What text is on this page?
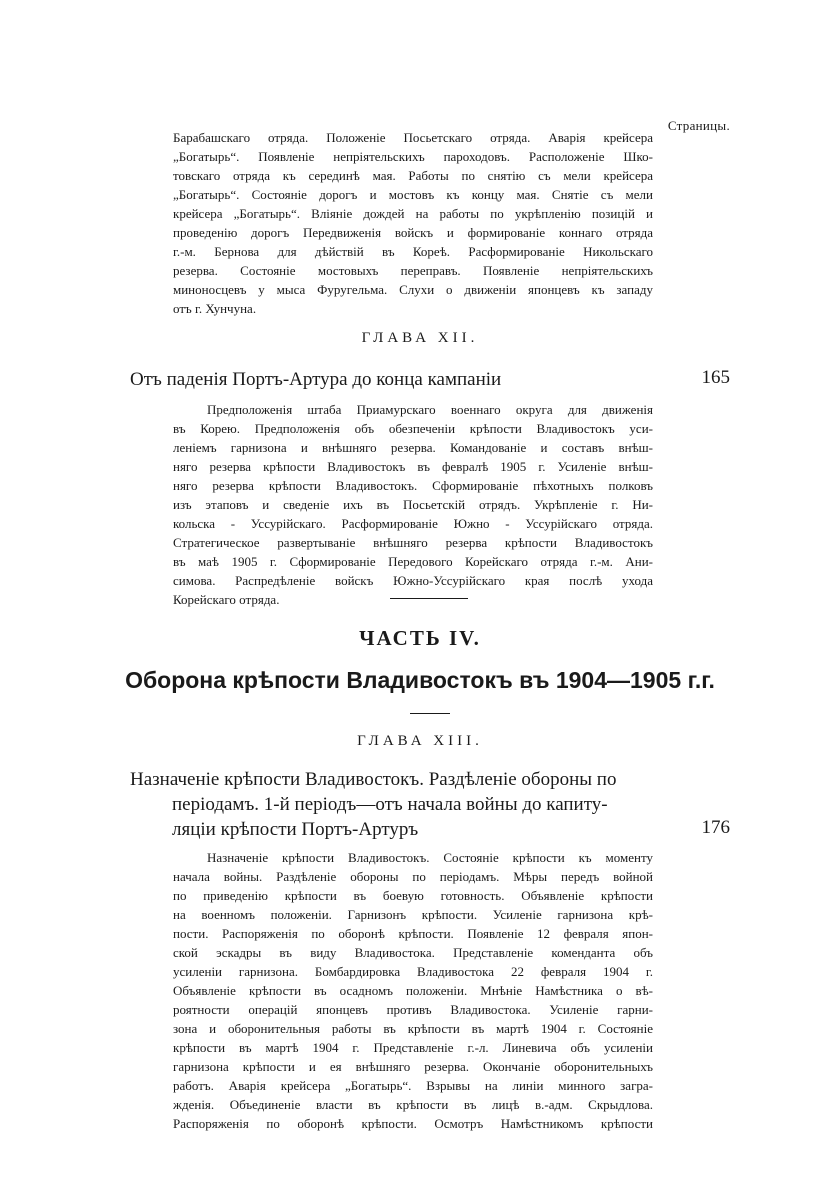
Страницы.
Барабашскаго отряда. Положеніе Посьетскаго отряда. Аварія крейсера
„Богатырь“. Появленіе непріятельскихъ пароходовъ. Расположеніе Шко-
товскаго отряда къ серединѣ мая. Работы по снятію съ мели крейсера
„Богатырь“. Состояніе дорогъ и мостовъ къ концу мая. Снятіе съ мели
крейсера „Богатырь“. Вліяніе дождей на работы по укрѣпленію позицій и
проведенію дорогъ Передвиженія войскъ и формированіе коннаго отряда
г.-м. Бернова для дѣйствій въ Кореѣ. Расформированіе Никольскаго
резерва. Состояніе мостовыхъ переправъ. Появленіе непріятельскихъ
миноносцевъ у мыса Фуругельма. Слухи о движеніи японцевъ къ западу
отъ г. Хунчуна.
ГЛАВА XII.
Отъ паденія Портъ-Артура до конца кампаніи	165
Предположенія штаба Приамурскаго военнаго округа для движенія
въ Корею. Предположенія объ обезпеченіи крѣпости Владивостокъ уси-
леніемъ гарнизона и внѣшняго резерва. Командованіе и составъ внѣш-
няго резерва крѣпости Владивостокъ въ февралѣ 1905 г. Усиленіе внѣш-
няго резерва крѣпости Владивостокъ. Сформированіе пѣхотныхъ полковъ
изъ этаповъ и сведеніе ихъ въ Посьетскій отрядъ. Укрѣпленіе г. Ни-
кольска - Уссурійскаго. Расформированіе Южно - Уссурійскаго отряда.
Стратегическое развертываніе внѣшняго резерва крѣпости Владивостокъ
въ маѣ 1905 г. Сформированіе Передового Корейскаго отряда г.-м. Ани-
симова. Распредѣленіе войскъ Южно-Уссурійскаго края послѣ ухода
Корейскаго отряда.
ЧАСТЬ IV.
Оборона крѣпости Владивостокъ въ 1904—1905 г.г.
ГЛАВА XIII.
Назначеніе крѣпости Владивостокъ. Раздѣленіе обороны по
періодамъ. 1-й періодъ—отъ начала войны до капиту-
ляціи крѣпости Портъ-Артуръ	176
Назначеніе крѣпости Владивостокъ. Состояніе крѣпости къ моменту
начала войны. Раздѣленіе обороны по періодамъ. Мѣры передъ войной
по приведенію крѣпости въ боевую готовность. Объявленіе крѣпости
на военномъ положеніи. Гарнизонъ крѣпости. Усиленіе гарнизона кpѣ-
пости. Распоряженія по оборонѣ крѣпости. Появленіе 12 февраля япон-
ской эскадры въ виду Владивостока. Представленіе коменданта объ
усиленіи гарнизона. Бомбардировка Владивостока 22 февраля 1904 г.
Объявленіе крѣпости въ осадномъ положеніи. Мнѣніе Намѣстника о вѣ-
роятности операцій японцевъ противъ Владивостока. Усиленіе гарни-
зона и оборонительныя работы въ крѣпости въ мартѣ 1904 г. Состояніе
крѣпости въ мартѣ 1904 г. Представленіе г.-л. Линевича объ усиленіи
гарнизона крѣпости и ея внѣшняго резерва. Окончаніе оборонительныхъ
работъ. Аварія крейсера „Богатырь“. Взрывы на линіи минного загра-
жденія. Объединеніе власти въ крѣпости въ лицѣ в.-адм. Скрыдлова.
Распоряженія по оборонѣ крѣпости. Осмотръ Намѣстникомъ крѣпости
